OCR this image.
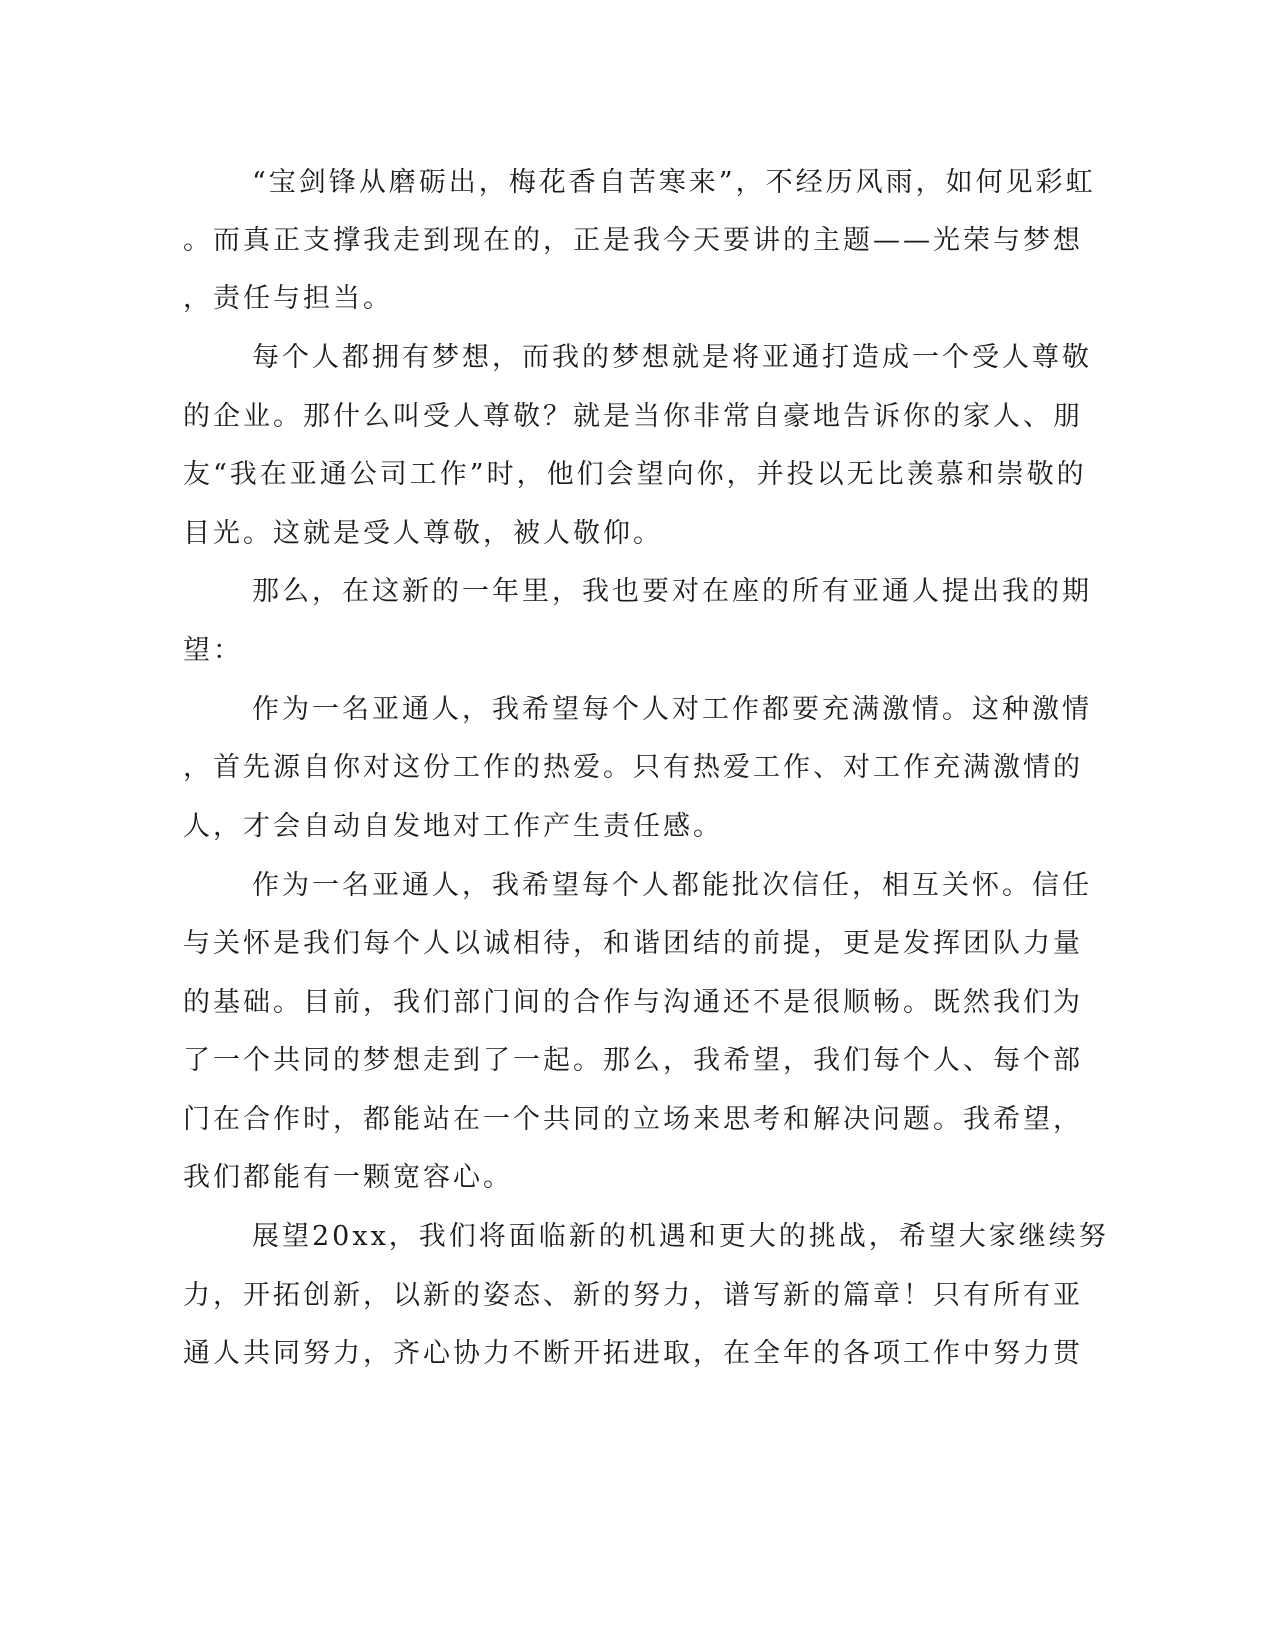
“宝剑锋从磨砺出，梅花香自苦寒来”，不经历风雨，如何见彩虹
。而真正支撑我走到现在的，正是我今天要讲的主题——光荣与梦想
，责任与担当。
每个人都拥有梦想，而我的梦想就是将亚通打造成一个受人尊敬
的企业。那什么叫受人尊敬？就是当你非常自豪地告诉你的家人、朋
友“我在亚通公司工作”时，他们会望向你，并投以无比羡慕和崇敬的
目光。这就是受人尊敬，被人敬仰。
那么，在这新的一年里，我也要对在座的所有亚通人提出我的期
望：
作为一名亚通人，我希望每个人对工作都要充满激情。这种激情
，首先源自你对这份工作的热爱。只有热爱工作、对工作充满激情的
人，才会自动自发地对工作产生责任感。
作为一名亚通人，我希望每个人都能批次信任，相互关怀。信任
与关怀是我们每个人以诚相待，和谐团结的前提，更是发挥团队力量
的基础。目前，我们部门间的合作与沟通还不是很顺畅。既然我们为
了一个共同的梦想走到了一起。那么，我希望，我们每个人、每个部
门在合作时，都能站在一个共同的立场来思考和解决问题。我希望，
我们都能有一颗宽容心。
展望20xx，我们将面临新的机遇和更大的挑战，希望大家继续努
力，开拓创新，以新的姿态、新的努力，谱写新的篇章！只有所有亚
通人共同努力，齐心协力不断开拓进取，在全年的各项工作中努力贯
